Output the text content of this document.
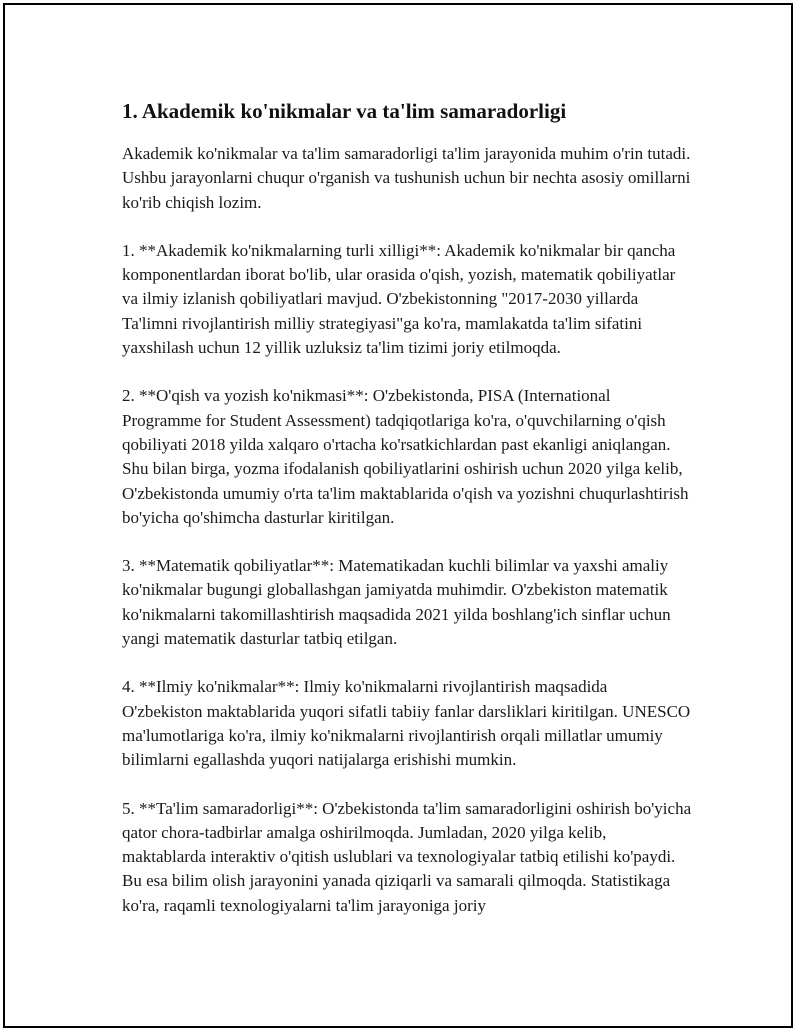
1. Akademik ko'nikmalar va ta'lim samaradorligi

Akademik ko'nikmalar va ta'lim samaradorligi ta'lim jarayonida muhim o'rin tutadi. Ushbu jarayonlarni chuqur o'rganish va tushunish uchun bir nechta asosiy omillarni ko'rib chiqish lozim.

1. **Akademik ko'nikmalarning turli xilligi**: Akademik ko'nikmalar bir qancha komponentlardan iborat bo'lib, ular orasida o'qish, yozish, matematik qobiliyatlar va ilmiy izlanish qobiliyatlari mavjud. O'zbekistonning "2017-2030 yillarda Ta'limni rivojlantirish milliy strategiyasi"ga ko'ra, mamlakatda ta'lim sifatini yaxshilash uchun 12 yillik uzluksiz ta'lim tizimi joriy etilmoqda.

2. **O'qish va yozish ko'nikmasi**: O'zbekistonda, PISA (International Programme for Student Assessment) tadqiqotlariga ko'ra, o'quvchilarning o'qish qobiliyati 2018 yilda xalqaro o'rtacha ko'rsatkichlardan past ekanligi aniqlangan. Shu bilan birga, yozma ifodalanish qobiliyatlarini oshirish uchun 2020 yilga kelib, O'zbekistonda umumiy o'rta ta'lim maktablarida o'qish va yozishni chuqurlashtirish bo'yicha qo'shimcha dasturlar kiritilgan.

3. **Matematik qobiliyatlar**: Matematikadan kuchli bilimlar va yaxshi amaliy ko'nikmalar bugungi globallashgan jamiyatda muhimdir. O'zbekiston matematik ko'nikmalarni takomillashtirish maqsadida 2021 yilda boshlang'ich sinflar uchun yangi matematik dasturlar tatbiq etilgan.

4. **Ilmiy ko'nikmalar**: Ilmiy ko'nikmalarni rivojlantirish maqsadida O'zbekiston maktablarida yuqori sifatli tabiiy fanlar darsliklari kiritilgan. UNESCO ma'lumotlariga ko'ra, ilmiy ko'nikmalarni rivojlantirish orqali millatlar umumiy bilimlarni egallashda yuqori natijalarga erishishi mumkin.

5. **Ta'lim samaradorligi**: O'zbekistonda ta'lim samaradorligini oshirish bo'yicha qator chora-tadbirlar amalga oshirilmoqda. Jumladan, 2020 yilga kelib, maktablarda interaktiv o'qitish uslublari va texnologiyalar tatbiq etilishi ko'paydi. Bu esa bilim olish jarayonini yanada qiziqarli va samarali qilmoqda. Statistikaga ko'ra, raqamli texnologiyalarni ta'lim jarayoniga joriy
